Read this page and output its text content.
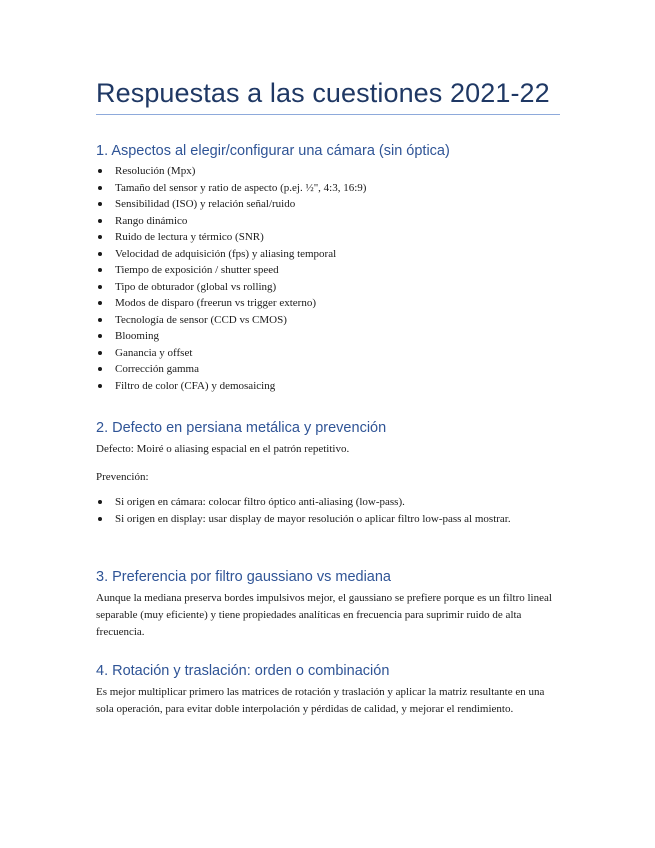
Respuestas a las cuestiones 2021-22
1. Aspectos al elegir/configurar una cámara (sin óptica)
Resolución (Mpx)
Tamaño del sensor y ratio de aspecto (p.ej. ½", 4:3, 16:9)
Sensibilidad (ISO) y relación señal/ruido
Rango dinámico
Ruido de lectura y térmico (SNR)
Velocidad de adquisición (fps) y aliasing temporal
Tiempo de exposición / shutter speed
Tipo de obturador (global vs rolling)
Modos de disparo (freerun vs trigger externo)
Tecnología de sensor (CCD vs CMOS)
Blooming
Ganancia y offset
Corrección gamma
Filtro de color (CFA) y demosaicing
2. Defecto en persiana metálica y prevención

Defecto: Moiré o aliasing espacial en el patrón repetitivo.

Prevención:

Si origen en cámara: colocar filtro óptico anti-aliasing (low-pass).
Si origen en display: usar display de mayor resolución o aplicar filtro low-pass al mostrar.
3. Preferencia por filtro gaussiano vs mediana

Aunque la mediana preserva bordes impulsivos mejor, el gaussiano se prefiere porque es un filtro lineal separable (muy eficiente) y tiene propiedades analíticas en frecuencia para suprimir ruido de alta frecuencia.

4. Rotación y traslación: orden o combinación

Es mejor multiplicar primero las matrices de rotación y traslación y aplicar la matriz resultante en una sola operación, para evitar doble interpolación y pérdidas de calidad, y mejorar el rendimiento.
